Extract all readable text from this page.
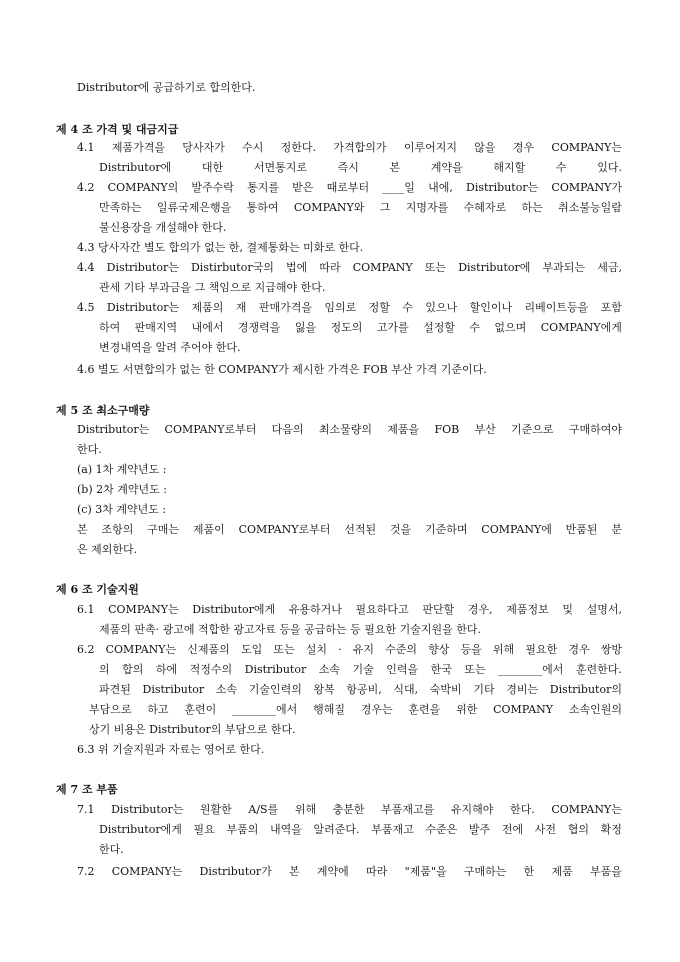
Distributor에 공급하기로 합의한다.
제 4 조 가격 및 대금지급
4.1 제품가격을 당사자가 수시 정한다. 가격합의가 이루어지지 않을 경우 COMPANY는
Distributor에	대한	서면통지로	즉시	본	계약을	해지할	수	있다.
4.2 COMPANY의 발주수락 통지를 받은 때로부터 ____일 내에, Distributor는 COMPANY가
만족하는 일류국제은행을 통하여 COMPANY와 그 지명자를 수혜자로 하는 취소불능일람
불신용장을 개설해야 한다.
4.3 당사자간 별도 합의가 없는 한, 결제통화는 미화로 한다.
4.4 Distributor는 Distirbutor국의 법에 따라 COMPANY 또는 Distributor에 부과되는 세금,
관세 기타 부과금을 그 책임으로 지급해야 한다.
4.5 Distributor는 제품의 재 판매가격을 임의로 정할 수 있으나 할인이나 리베이트등을 포함
하여 판매지역 내에서 경쟁력을 잃을 정도의 고가를 설정할 수 없으며 COMPANY에게
변경내역을 알려 주어야 한다.
4.6 별도 서면합의가 없는 한 COMPANY가 제시한 가격은 FOB 부산 가격 기준이다.
제 5 조 최소구매량
Distributor는 COMPANY로부터 다음의 최소물량의 제품을 FOB 부산 기준으로 구매하여야
한다.
(a) 1차 계약년도 :
(b) 2차 계약년도 :
(c) 3차 계약년도 :
본 조항의 구매는 제품이 COMPANY로부터 선적된 것을 기준하며 COMPANY에 반품된 분
은 제외한다.
제 6 조 기술지원
6.1 COMPANY는 Distributor에게 유용하거나 필요하다고 판단할 경우, 제품정보 및 설명서,
제품의 판촉· 광고에 적합한 광고자료 등을 공급하는 등 필요한 기술지원을 한다.
6.2 COMPANY는 신제품의 도입 또는 설치 · 유지 수준의 향상 등을 위해 필요한 경우 쌍방
의 합의 하에 적정수의 Distributor 소속 기술 인력을 한국 또는 ________에서 훈련한다.
파견된 Distributor 소속 기술인력의 왕복 항공비, 식대, 숙박비 기타 경비는 Distributor의
부담으로 하고 훈련이 ________에서 행해질 경우는 훈련을 위한 COMPANY 소속인원의
상기 비용은 Distributor의 부담으로 한다.
6.3 위 기술지원과 자료는 영어로 한다.
제 7 조 부품
7.1 Distributor는 원활한 A/S를 위해 충분한 부품재고를 유지해야 한다. COMPANY는
Distributor에게 필요 부품의 내역을 알려준다. 부품재고 수준은 발주 전에 사전 협의 확정
한다.
7.2 COMPANY는 Distributor가 본 계약에 따라 "제품"을 구매하는 한 제품 부품을
